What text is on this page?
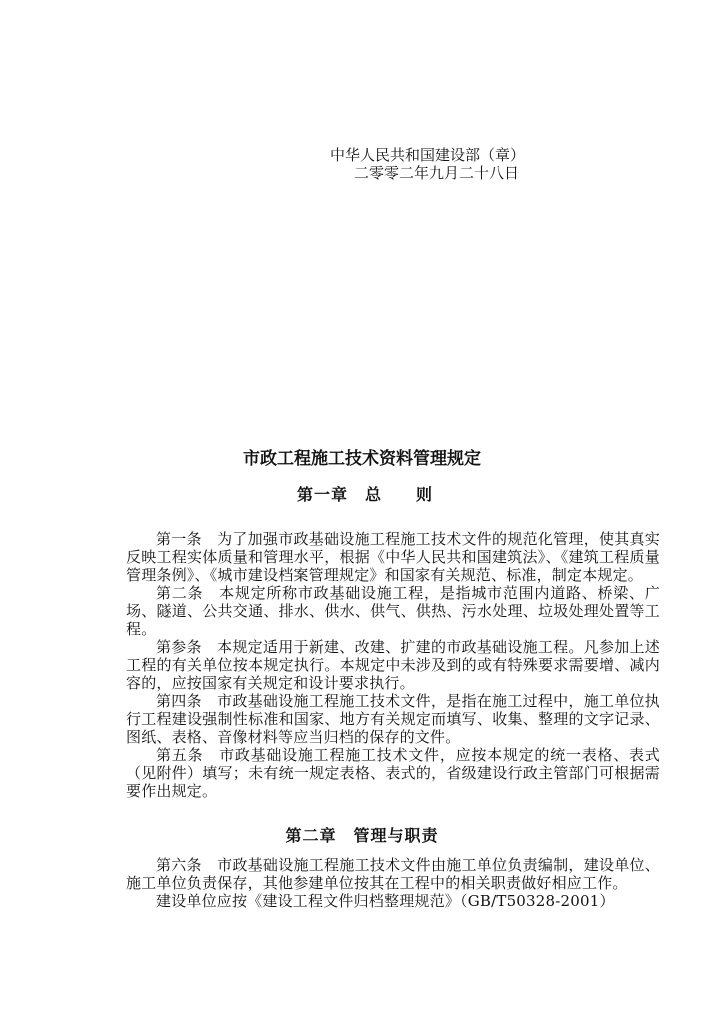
中华人民共和国建设部（章）
二零零二年九月二十八日
市政工程施工技术资料管理规定
第一章　总　　则

第一条　为了加强市政基础设施工程施工技术文件的规范化管理，使其真实反映工程实体质量和管理水平，根据《中华人民共和国建筑法》、《建筑工程质量管理条例》、《城市建设档案管理规定》和国家有关规范、标准，制定本规定。

第二条　本规定所称市政基础设施工程，是指城市范围内道路、桥梁、广场、隧道、公共交通、排水、供水、供气、供热、污水处理、垃圾处理处置等工程。

第参条　本规定适用于新建、改建、扩建的市政基础设施工程。凡参加上述工程的有关单位按本规定执行。本规定中未涉及到的或有特殊要求需要增、减内容的，应按国家有关规定和设计要求执行。

第四条　市政基础设施工程施工技术文件，是指在施工过程中，施工单位执行工程建设强制性标准和国家、地方有关规定而填写、收集、整理的文字记录、图纸、表格、音像材料等应当归档的保存的文件。

第五条　市政基础设施工程施工技术文件，应按本规定的统一表格、表式（见附件）填写；未有统一规定表格、表式的，省级建设行政主管部门可根据需要作出规定。

第二章　管理与职责

第六条　市政基础设施工程施工技术文件由施工单位负责编制，建设单位、施工单位负责保存，其他参建单位按其在工程中的相关职责做好相应工作。

建设单位应按《建设工程文件归档整理规范》（GB/T50328-2001）
